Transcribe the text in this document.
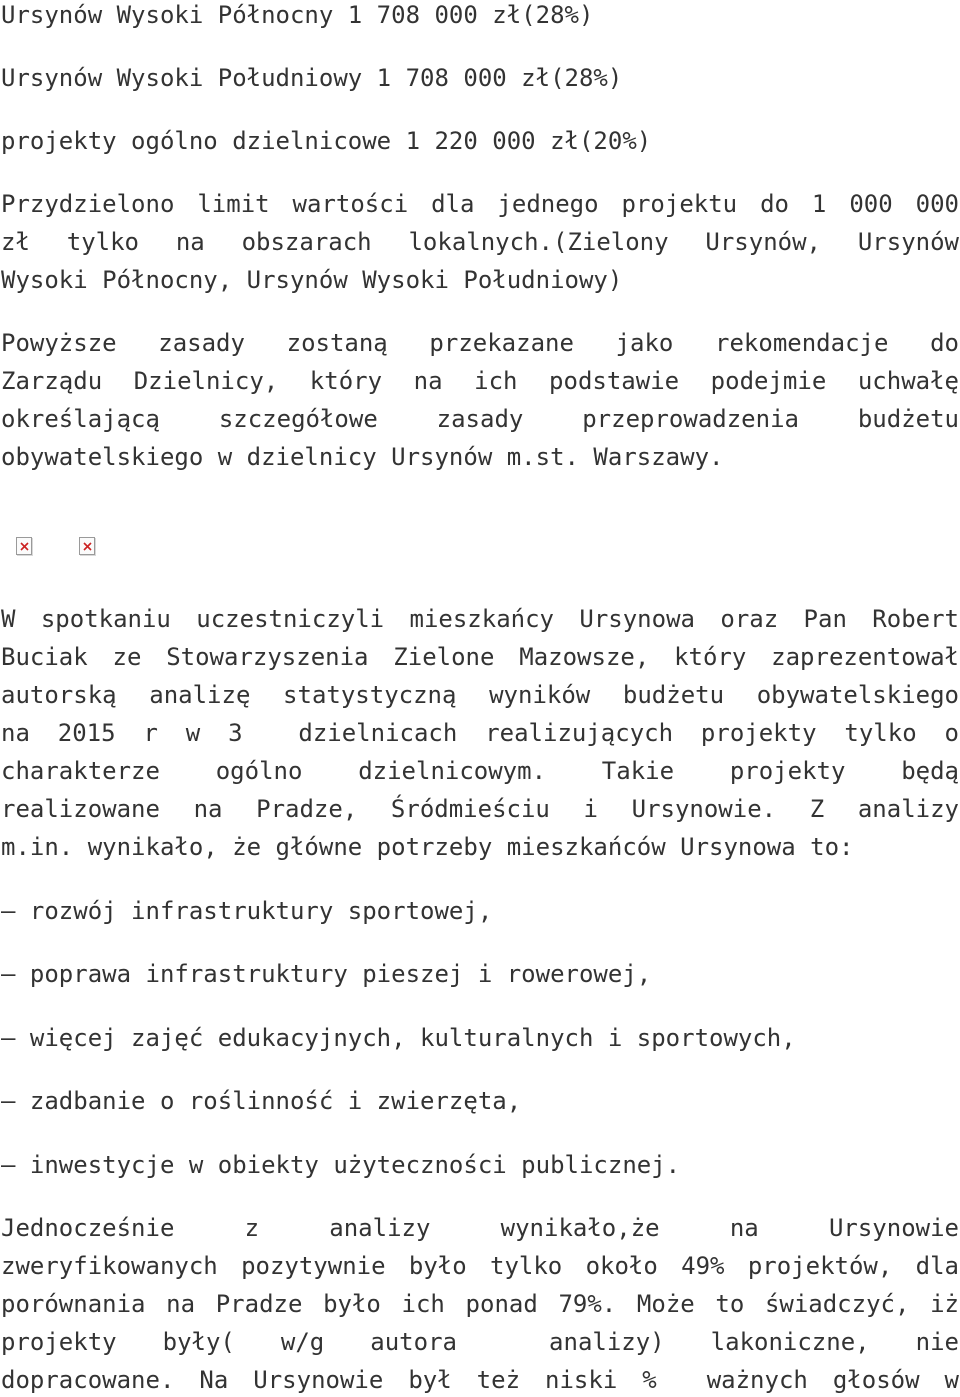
Ursynów Wysoki Północny 1 708 000 zł(28%)
Ursynów Wysoki Południowy 1 708 000 zł(28%)
projekty ogólno dzielnicowe 1 220 000 zł(20%)
Przydzielono limit wartości dla jednego projektu do 1 000 000
zł tylko na obszarach lokalnych.(Zielony Ursynów, Ursynów
Wysoki Północny, Ursynów Wysoki Południowy)
Powyższe zasady zostaną przekazane jako rekomendacje do
Zarządu Dzielnicy, który na ich podstawie podejmie uchwałę
określającą szczegółowe zasady przeprowadzenia budżetu
obywatelskiego w dzielnicy Ursynów m.st. Warszawy.
W spotkaniu uczestniczyli mieszkańcy Ursynowa oraz Pan Robert
Buciak ze Stowarzyszenia Zielone Mazowsze, który zaprezentował
autorską analizę statystyczną wyników budżetu obywatelskiego
na 2015 r w 3  dzielnicach realizujących projekty tylko o
charakterze ogólno dzielnicowym. Takie projekty będą
realizowane na Pradze, Śródmieściu i Ursynowie. Z analizy
m.in. wynikało, że główne potrzeby mieszkańców Ursynowa to:
– rozwój infrastruktury sportowej,
– poprawa infrastruktury pieszej i rowerowej,
– więcej zajęć edukacyjnych, kulturalnych i sportowych,
– zadbanie o roślinność i zwierzęta,
– inwestycje w obiekty użyteczności publicznej.
Jednocześnie z analizy wynikało,że na Ursynowie
zweryfikowanych pozytywnie było tylko około 49% projektów, dla
porównania na Pradze było ich ponad 79%. Może to świadczyć, iż
projekty były( w/g autora  analizy) lakoniczne, nie
dopracowane. Na Ursynowie był też niski %  ważnych głosów w
